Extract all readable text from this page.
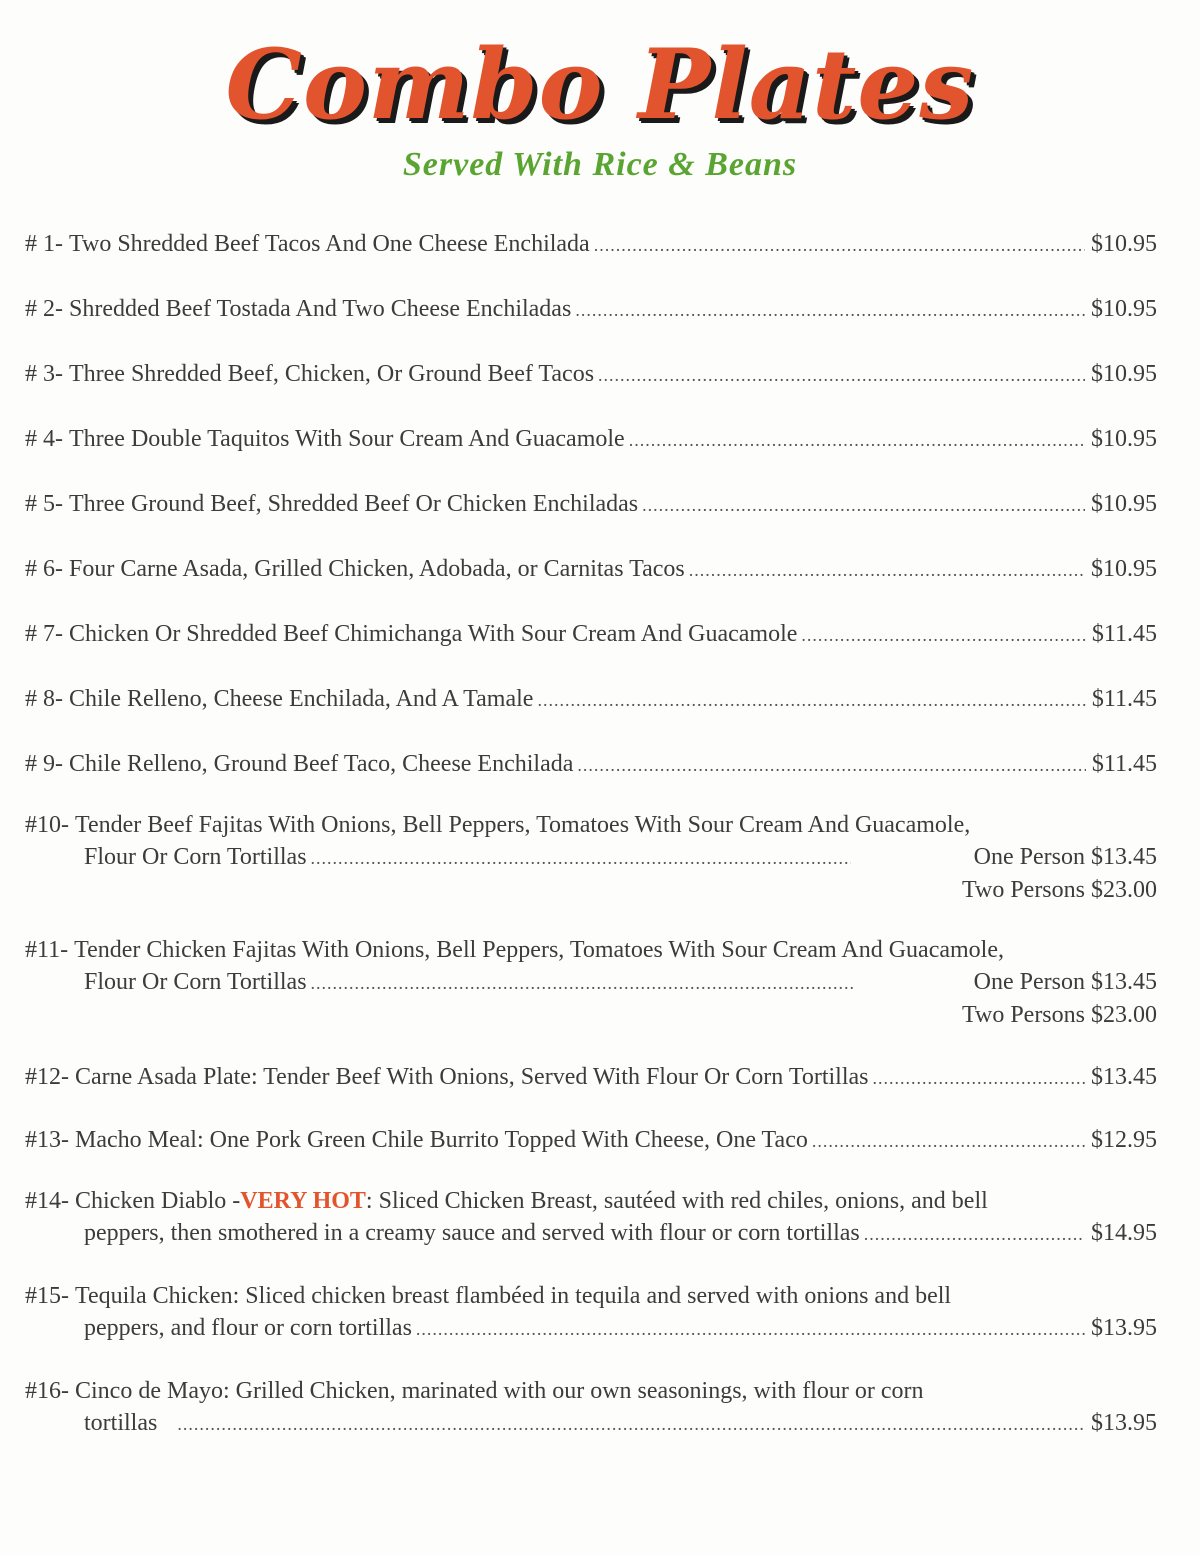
Combo Plates
Served With Rice & Beans
# 1-
Two Shredded Beef Tacos And One Cheese Enchilada .....	$10.95
# 2-
Shredded Beef Tostada And Two Cheese Enchiladas .....	$10.95
# 3-
Three Shredded Beef, Chicken, Or Ground Beef Tacos .....	$10.95
# 4-
Three Double Taquitos With Sour Cream And Guacamole .....	$10.95
# 5-
Three Ground Beef, Shredded Beef Or Chicken Enchiladas .....	$10.95
# 6-
Four Carne Asada, Grilled Chicken, Adobada, or Carnitas Tacos .....	$10.95
# 7-
Chicken Or Shredded Beef Chimichanga With Sour Cream And Guacamole .....	$11.45
# 8-
Chile Relleno, Cheese Enchilada, And A Tamale .....	$11.45
# 9-
Chile Relleno, Ground Beef Taco, Cheese Enchilada .....	$11.45
#10-
Tender Beef Fajitas With Onions, Bell Peppers, Tomatoes With Sour Cream And Guacamole,
Flour Or Corn Tortillas .....	One Person $13.45
Two Persons $23.00
#11-
Tender Chicken Fajitas With Onions, Bell Peppers, Tomatoes With Sour Cream And Guacamole,
Flour Or Corn Tortillas .....	One Person $13.45
Two Persons $23.00
#12-
Carne Asada Plate: Tender Beef With Onions, Served With Flour Or Corn Tortillas .....	$13.45
#13-
Macho Meal: One Pork Green Chile Burrito Topped With Cheese, One Taco .....	$12.95
#14-
Chicken Diablo - VERY HOT : Sliced Chicken Breast, sautéed with red chiles, onions, and bell
peppers, then smothered in a creamy sauce and served with flour or corn tortillas .....	$14.95
#15-
Tequila Chicken: Sliced chicken breast flambéed in tequila and served with onions and bell
peppers, and flour or corn tortillas .....	$13.95
#16-
Cinco de Mayo: Grilled Chicken, marinated with our own seasonings, with flour or corn
tortillas .....	$13.95
